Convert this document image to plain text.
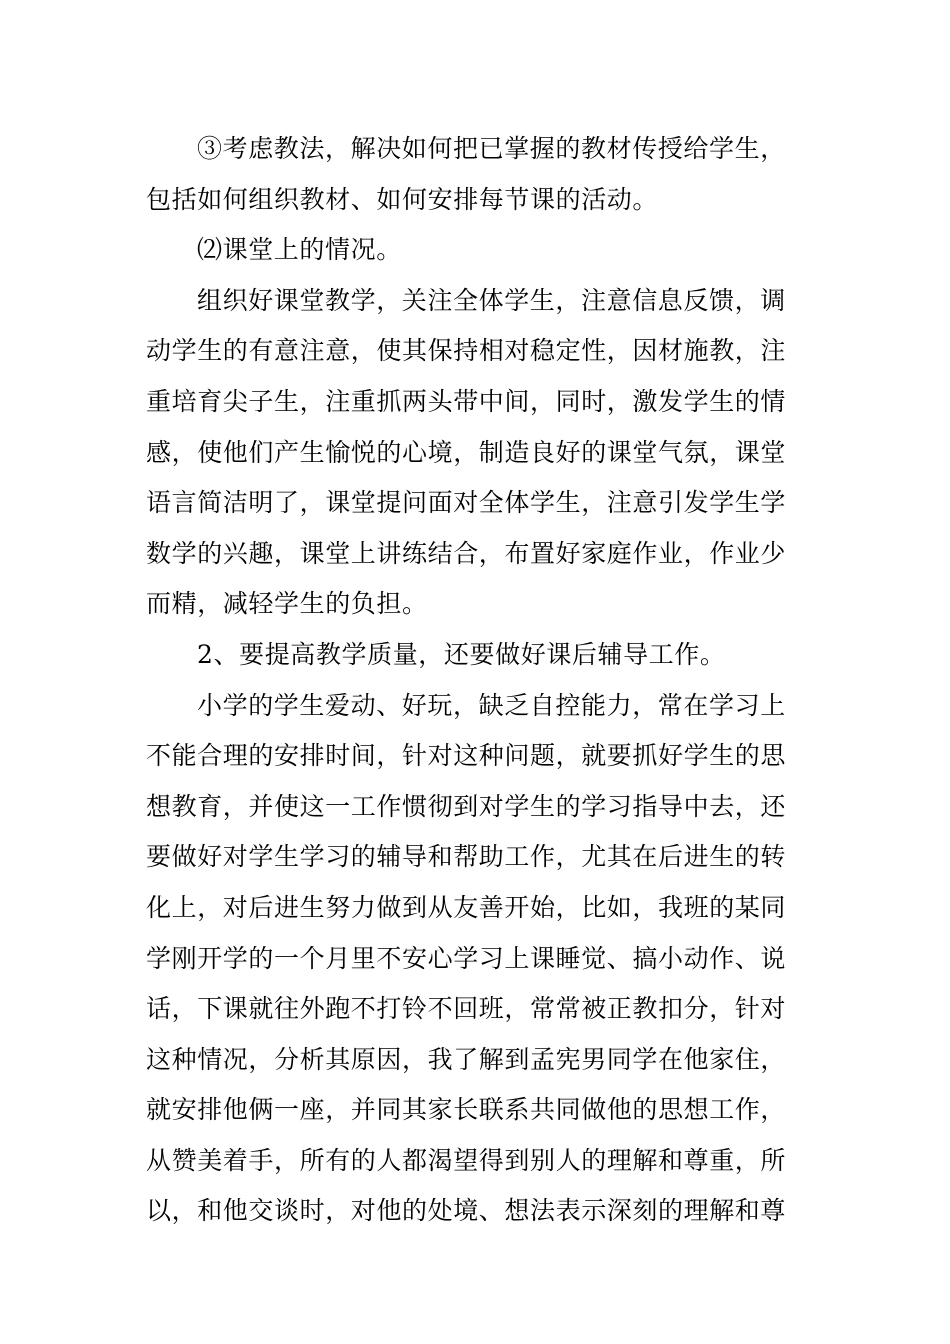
③考虑教法，解决如何把已掌握的教材传授给学生，
包括如何组织教材、如何安排每节课的活动。
⑵课堂上的情况。
组织好课堂教学，关注全体学生，注意信息反馈，调
动学生的有意注意，使其保持相对稳定性，因材施教，注
重培育尖子生，注重抓两头带中间，同时，激发学生的情
感，使他们产生愉悦的心境，制造良好的课堂气氛，课堂
语言简洁明了，课堂提问面对全体学生，注意引发学生学
数学的兴趣，课堂上讲练结合，布置好家庭作业，作业少
而精，减轻学生的负担。
2、要提高教学质量，还要做好课后辅导工作。
小学的学生爱动、好玩，缺乏自控能力，常在学习上
不能合理的安排时间，针对这种问题，就要抓好学生的思
想教育，并使这一工作惯彻到对学生的学习指导中去，还
要做好对学生学习的辅导和帮助工作，尤其在后进生的转
化上，对后进生努力做到从友善开始，比如，我班的某同
学刚开学的一个月里不安心学习上课睡觉、搞小动作、说
话，下课就往外跑不打铃不回班，常常被正教扣分，针对
这种情况，分析其原因，我了解到孟宪男同学在他家住，
就安排他俩一座，并同其家长联系共同做他的思想工作，
从赞美着手，所有的人都渴望得到别人的理解和尊重，所
以，和他交谈时，对他的处境、想法表示深刻的理解和尊
